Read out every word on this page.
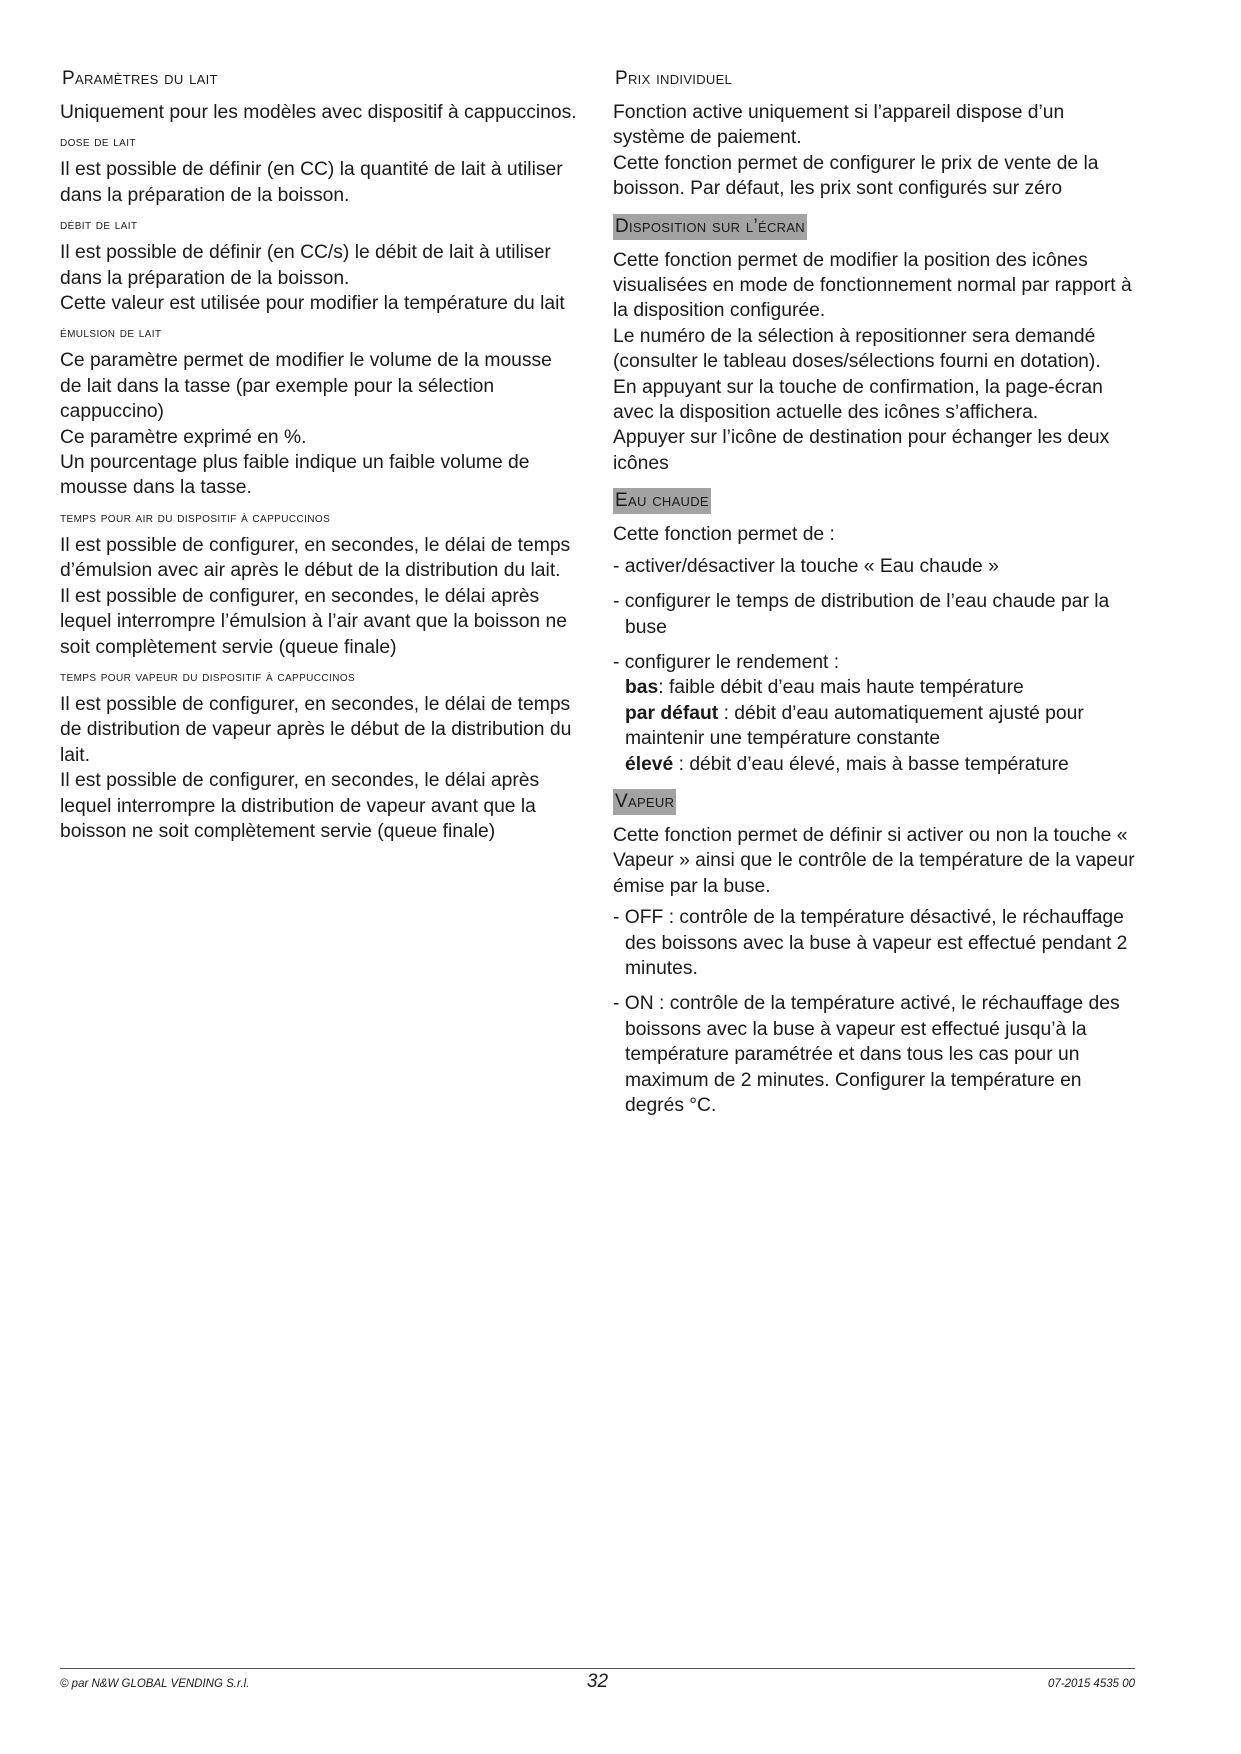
Paramètres du lait

Uniquement pour les modèles avec dispositif à cappuccinos.

dose de lait

Il est possible de définir (en CC) la quantité de lait à utiliser dans la préparation de la boisson.

débit de lait

Il est possible de définir (en CC/s) le débit de lait à utiliser dans la préparation de la boisson.

Cette valeur est utilisée pour modifier la température du lait

émulsion de lait

Ce paramètre permet de modifier le volume de la mousse de lait dans la tasse (par exemple pour la sélection cappuccino)

Ce paramètre exprimé en %.

Un pourcentage plus faible indique un faible volume de mousse dans la tasse.

temps pour air du dispositif à cappuccinos

Il est possible de configurer, en secondes, le délai de temps d’émulsion avec air après le début de la distribution du lait.

Il est possible de configurer, en secondes, le délai après lequel interrompre l’émulsion à l’air avant que la boisson ne soit complètement servie (queue finale)

temps pour vapeur du dispositif à cappuccinos

Il est possible de configurer, en secondes, le délai de temps de distribution de vapeur après le début de la distribution du lait.

Il est possible de configurer, en secondes, le délai après lequel interrompre la distribution de vapeur avant que la boisson ne soit complètement servie (queue finale)

Prix individuel

Fonction active uniquement si l’appareil dispose d’un système de paiement.

Cette fonction permet de configurer le prix de vente de la boisson. Par défaut, les prix sont configurés sur zéro

Disposition sur l’écran

Cette fonction permet de modifier la position des icônes visualisées en mode de fonctionnement normal par rapport à la disposition configurée.

Le numéro de la sélection à repositionner sera demandé (consulter le tableau doses/sélections fourni en dotation).

En appuyant sur la touche de confirmation, la page-écran avec la disposition actuelle des icônes s’affichera.

Appuyer sur l’icône de destination pour échanger les deux icônes

Eau chaude

Cette fonction permet de :

- activer/désactiver la touche « Eau chaude »

- configurer le temps de distribution de l’eau chaude par la buse

- configurer le rendement :

bas: faible débit d’eau mais haute température

par défaut : débit d’eau automatiquement ajusté pour maintenir une température constante

élevé : débit d’eau élevé, mais à basse température

Vapeur

Cette fonction permet de définir si activer ou non la touche « Vapeur » ainsi que le contrôle de la température de la vapeur émise par la buse.

- OFF : contrôle de la température désactivé, le réchauffage des boissons avec la buse à vapeur est effectué pendant 2 minutes.

- ON : contrôle de la température activé, le réchauffage des boissons avec la buse à vapeur est effectué jusqu’à la température paramétrée et dans tous les cas pour un maximum de 2 minutes. Configurer la température en degrés °C.

© par N&W GLOBAL VENDING S.r.l.	32	07-2015 4535 00
